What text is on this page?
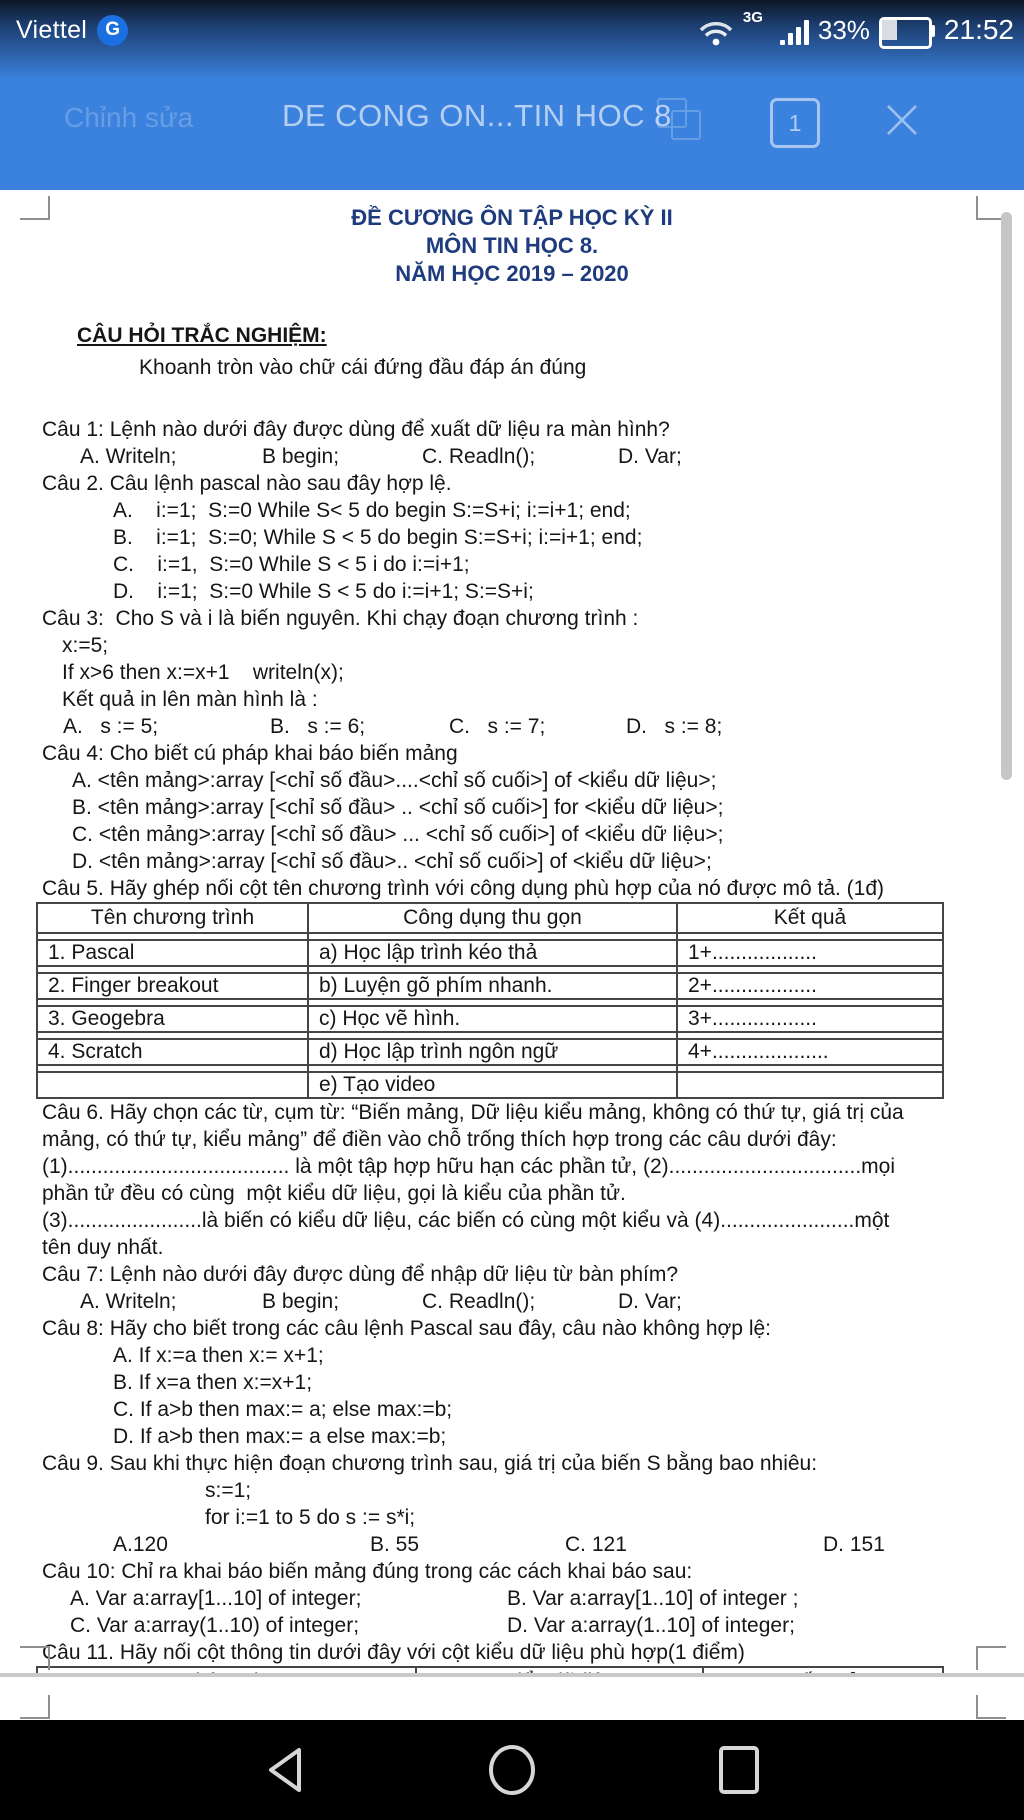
Viettel G
3G 33%	21:52
Chỉnh sửa	DE CONG ON...TIN HOC 8	1
ĐỀ CƯƠNG ÔN TẬP HỌC KỲ II
MÔN TIN HỌC 8.
NĂM HỌC 2019 – 2020

CÂU HỎI TRẮC NGHIỆM:
Khoanh tròn vào chữ cái đứng đầu đáp án đúng

Câu 1: Lệnh nào dưới đây được dùng để xuất dữ liệu ra màn hình?
A. Writeln;	B begin;	C. Readln();	D. Var;
Câu 2. Câu lệnh pascal nào sau đây hợp lệ.
A.    i:=1;  S:=0 While S< 5 do begin S:=S+i; i:=i+1; end;
B.    i:=1;  S:=0; While S < 5 do begin S:=S+i; i:=i+1; end;
C.    i:=1,  S:=0 While S < 5 i do i:=i+1;
D.    i:=1;  S:=0 While S < 5 do i:=i+1; S:=S+i;
Câu 3:  Cho S và i là biến nguyên. Khi chạy đoạn chương trình :
x:=5;
If x>6 then x:=x+1    writeln(x);
Kết quả in lên màn hình là :
A.   s := 5;	B.   s := 6;	C.   s := 7;	D.   s := 8;
Câu 4: Cho biết cú pháp khai báo biến mảng
A. <tên mảng>:array [<chỉ số đầu>....<chỉ số cuối>] of <kiểu dữ liệu>;
B. <tên mảng>:array [<chỉ số đầu> .. <chỉ số cuối>] for <kiểu dữ liệu>;
C. <tên mảng>:array [<chỉ số đầu> ... <chỉ số cuối>] of <kiểu dữ liệu>;
D. <tên mảng>:array [<chỉ số đầu>.. <chỉ số cuối>] of <kiểu dữ liệu>;
Câu 5. Hãy ghép nối cột tên chương trình với công dụng phù hợp của nó được mô tả. (1đ)
Tên chương trình	Công dụng thu gọn	Kết quả

1. Pascal	a) Học lập trình kéo thả	1+..................

2. Finger breakout	b) Luyện gõ phím nhanh.	2+..................

3. Geogebra	c) Học vẽ hình.	3+..................

4. Scratch	d) Học lập trình ngôn ngữ	4+....................

	e) Tạo video	
Câu 6. Hãy chọn các từ, cụm từ: “Biến mảng, Dữ liệu kiểu mảng, không có thứ tự, giá trị của
mảng, có thứ tự, kiểu mảng” để điền vào chỗ trống thích hợp trong các câu dưới đây:
(1)...................................... là một tập hợp hữu hạn các phần tử, (2).................................mọi
phần tử đều có cùng  một kiểu dữ liệu, gọi là kiểu của phần tử.
(3).......................là biến có kiểu dữ liệu, các biến có cùng một kiểu và (4).......................một
tên duy nhất.
Câu 7: Lệnh nào dưới đây được dùng để nhập dữ liệu từ bàn phím?
A. Writeln;	B begin;	C. Readln();	D. Var;
Câu 8: Hãy cho biết trong các câu lệnh Pascal sau đây, câu nào không hợp lệ:
A. If x:=a then x:= x+1;
B. If x=a then x:=x+1;
C. If a>b then max:= a; else max:=b;
D. If a>b then max:= a else max:=b;
Câu 9. Sau khi thực hiện đoạn chương trình sau, giá trị của biến S bằng bao nhiêu:
s:=1;
for i:=1 to 5 do s := s*i;
A.120	B. 55	C. 121	D. 151
Câu 10: Chỉ ra khai báo biến mảng đúng trong các cách khai báo sau:
A. Var a:array[1...10] of integer;	B. Var a:array[1..10] of integer ;
C. Var a:array(1..10) of integer;	D. Var a:array(1..10] of integer;
Câu 11. Hãy nối cột thông tin dưới đây với cột kiểu dữ liệu phù hợp(1 điểm)
